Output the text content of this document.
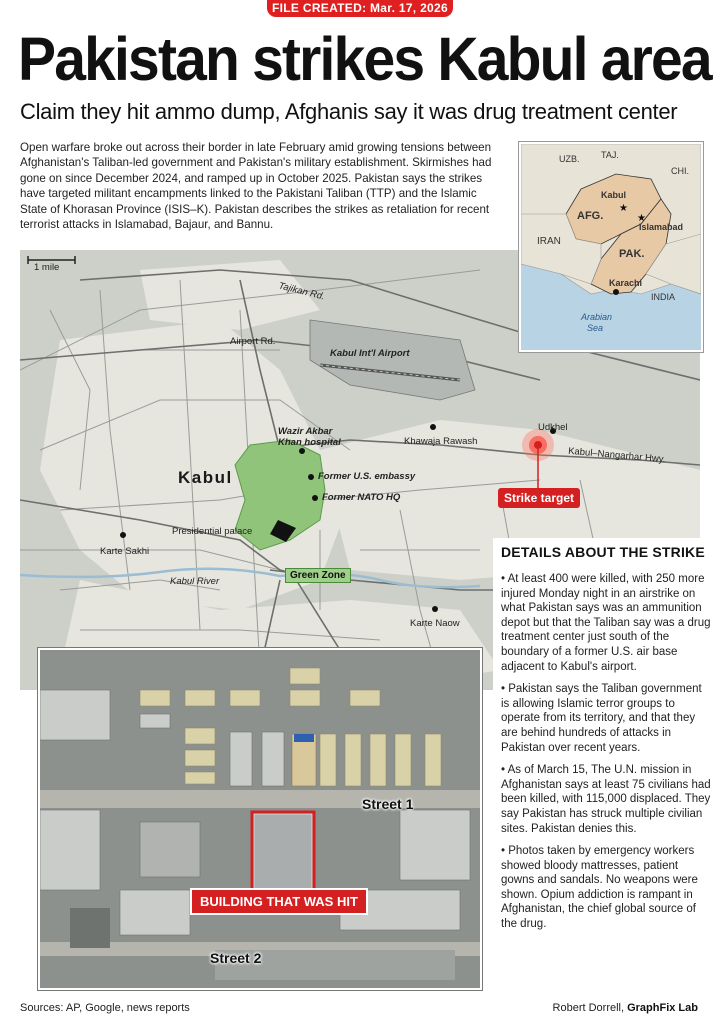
FILE CREATED: Mar. 17, 2026
Pakistan strikes Kabul area
Claim they hit ammo dump, Afghanis say it was drug treatment center
Open warfare broke out across their border in late February amid growing tensions between Afghanistan's Taliban-led government and Pakistan's military establishment. Skirmishes had gone on since December 2024, and ramped up in October 2025. Pakistan says the strikes have targeted militant encampments linked to the Pakistani Taliban (TTP) and the Islamic State of Khorasan Province (ISIS–K). Pakistan describes the strikes as retaliation for recent terrorist attacks in Islamabad, Bajaur, and Bannu.
1 mile
Tajikan Rd.
Airport Rd.
Kabul Int'l Airport
Wazir Akbar
Khan hospital	Khawaja Rawash
Udkhel
Kabul–Nangarhar Hwy.
Kabul	Former U.S. embassy
Former NATO HQ
Presidential palace
Green Zone
Karte Sakhi
Kabul River
Karte Naow
Strike target
★
★
UZB. TAJ.
CHI.
Kabul
AFG.
Islamabad
IRAN
PAK.
Karachi
INDIA
Arabian
Sea
Street 1
BUILDING THAT WAS HIT
Street 2
DETAILS ABOUT THE STRIKE

• At least 400 were killed, with 250 more injured Monday night in an airstrike on what Pakistan says was an ammunition depot but that the Taliban say was a drug treatment center just south of the boundary of a former U.S. air base adjacent to Kabul's airport.

• Pakistan says the Taliban government is allowing Islamic terror groups to operate from its territory, and that they are behind hundreds of attacks in Pakistan over recent years.

• As of March 15, The U.N. mission in Afghanistan says at least 75 civilians had been killed, with 115,000 displaced. They say Pakistan has struck multiple civilian sites. Pakistan denies this.

• Photos taken by emergency workers showed bloody mattresses, patient gowns and sandals. No weapons were shown. Opium addiction is rampant in Afghanistan, the chief global source of the drug.

Sources: AP, Google, news reports	Robert Dorrell, GraphFix Lab
